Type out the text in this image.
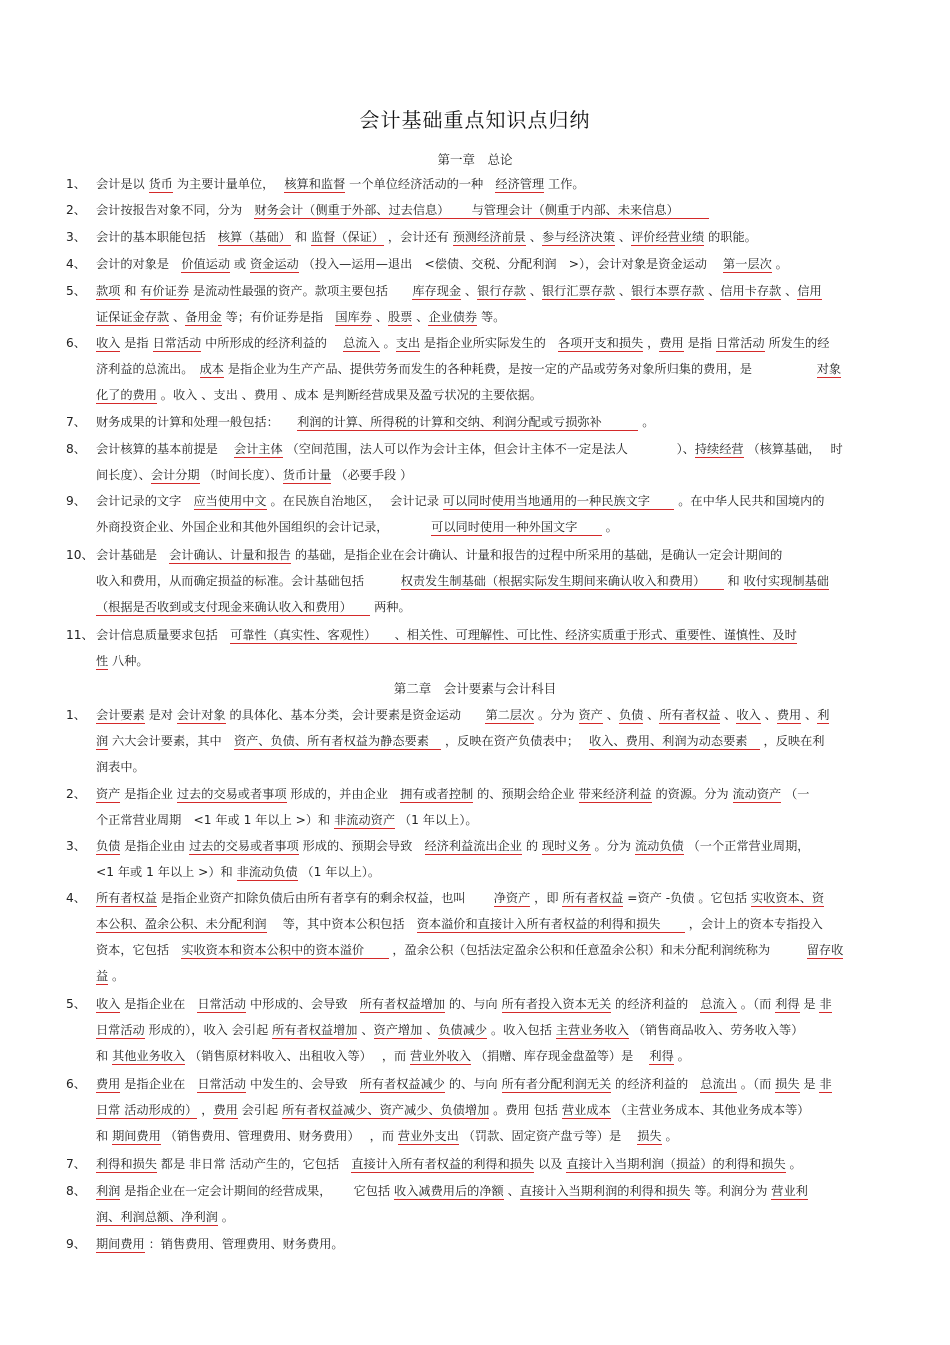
会计基础重点知识点归纳
第一章　总论
第二章　会计要素与会计科目
1、 会计是以 货币 为主要计量单位，　 核算和监督 一个单位经济活动的一种　经济管理 工作。
2、 会计按报告对象不同，分为　财务会计（侧重于外部、过去信息）　　 与管理会计（侧重于内部、未来信息）　　　
3、 会计的基本职能包括　核算（基础） 和 监督（保证） ，会计还有 预测经济前景 、参与经济决策 、评价经营业绩 的职能。
4、 会计的对象是　价值运动 或 资金运动 （投入—运用—退出　<偿债、交税、分配利润　>），会计对象是资金运动　 第一层次 。
5、 款项 和 有价证券 是流动性最强的资产。款项主要包括　　库存现金 、银行存款 、银行汇票存款 、银行本票存款 、信用卡存款 、信用
证保证金存款 、备用金 等；有价证券是指　国库券 、股票 、企业债券 等。
6、 收入 是指 日常活动 中所形成的经济利益的　 总流入 。支出 是指企业所实际发生的　各项开支和损失 ，费用 是指 日常活动 所发生的经
济利益的总流出。　成本 是指企业为生产产品、提供劳务而发生的各种耗费，是按一定的产品或劳务对象所归集的费用，是　　　　　 对象
化了的费用 。收入 、支出 、费用 、成本 是判断经营成果及盈亏状况的主要依据。
7、 财务成果的计算和处理一般包括：　　利润的计算、所得税的计算和交纳、利润分配或亏损弥补　　　 。
8、 会计核算的基本前提是　 会计主体 （空间范围，法人可以作为会计主体，但会计主体不一定是法人　　　　）、持续经营 （核算基础，　 时
间长度）、会计分期 （时间长度）、货币计量 （必要手段 ）
9、 会计记录的文字　应当使用中文 。在民族自治地区，　 会计记录 可以同时使用当地通用的一种民族文字　　 。在中华人民共和国境内的
外商投资企业、外国企业和其他外国组织的会计记录，　　　　可以同时使用一种外国文字　　 。
10、 会计基础是　会计确认、计量和报告 的基础，是指企业在会计确认、计量和报告的过程中所采用的基础，是确认一定会计期间的
收入和费用，从而确定损益的标准。会计基础包括　　　权责发生制基础（根据实际发生期间来确认收入和费用）　　 和 收付实现制基础
（根据是否收到或支付现金来确认收入和费用）　　 两种。
11、 会计信息质量要求包括　可靠性（真实性、客观性）　　、相关性、可理解性、可比性、经济实质重于形式、重要性、谨慎性、及时
性 八种。
1、 会计要素 是对 会计对象 的具体化、基本分类，会计要素是资金运动　　第二层次 。分为 资产 、负债 、所有者权益 、收入 、费用 、利
润 六大会计要素，其中　资产、负债、所有者权益为静态要素　 ，反映在资产负债表中；　 收入、费用、利润为动态要素　 ，反映在利
润表中。
2、 资产 是指企业 过去的交易或者事项 形成的，并由企业　拥有或者控制 的、预期会给企业 带来经济利益 的资源。分为 流动资产 （一
个正常营业周期　<1 年或 1 年以上 >）和 非流动资产 （1 年以上）。
3、 负债 是指企业由 过去的交易或者事项 形成的、预期会导致　经济利益流出企业 的 现时义务 。分为 流动负债 （一个正常营业周期，
<1 年或 1 年以上 >）和 非流动负债 （1 年以上）。
4、 所有者权益 是指企业资产扣除负债后由所有者享有的剩余权益，也叫　　 净资产 ，即 所有者权益 =资产 -负债 。它包括 实收资本、资
本公积、盈余公积、未分配利润　 等，其中资本公积包括　资本溢价和直接计入所有者权益的利得和损失　　 ，会计上的资本专指投入
资本，它包括　实收资本和资本公积中的资本溢价　　 ，盈余公积（包括法定盈余公积和任意盈余公积）和未分配利润统称为　　　留存收
益 。
5、 收入 是指企业在　日常活动 中形成的、会导致　所有者权益增加 的、与向 所有者投入资本无关 的经济利益的　总流入 。（而 利得 是 非
日常活动 形成的），收入 会引起 所有者权益增加 、资产增加 、负债减少 。收入包括 主营业务收入 （销售商品收入、劳务收入等）
和 其他业务收入 （销售原材料收入、出租收入等）　 ，而 营业外收入 （捐赠、库存现金盘盈等）是　 利得 。
6、 费用 是指企业在　日常活动 中发生的、会导致　所有者权益减少 的、与向 所有者分配利润无关 的经济利益的　总流出 。（而 损失 是 非
日常 活动形成的） ，费用 会引起 所有者权益减少、资产减少、负债增加 。费用 包括 营业成本 （主营业务成本、其他业务成本等）
和 期间费用 （销售费用、管理费用、财务费用）　 ，而 营业外支出 （罚款、固定资产盘亏等）是　 损失 。
7、 利得和损失 都是 非日常 活动产生的，它包括　直接计入所有者权益的利得和损失 以及 直接计入当期利润（损益）的利得和损失 。
8、 利润 是指企业在一定会计期间的经营成果，　　 它包括 收入减费用后的净额 、直接计入当期利润的利得和损失 等。利润分为 营业利
润、利润总额、净利润 。
9、 期间费用 ：销售费用、管理费用、财务费用。
